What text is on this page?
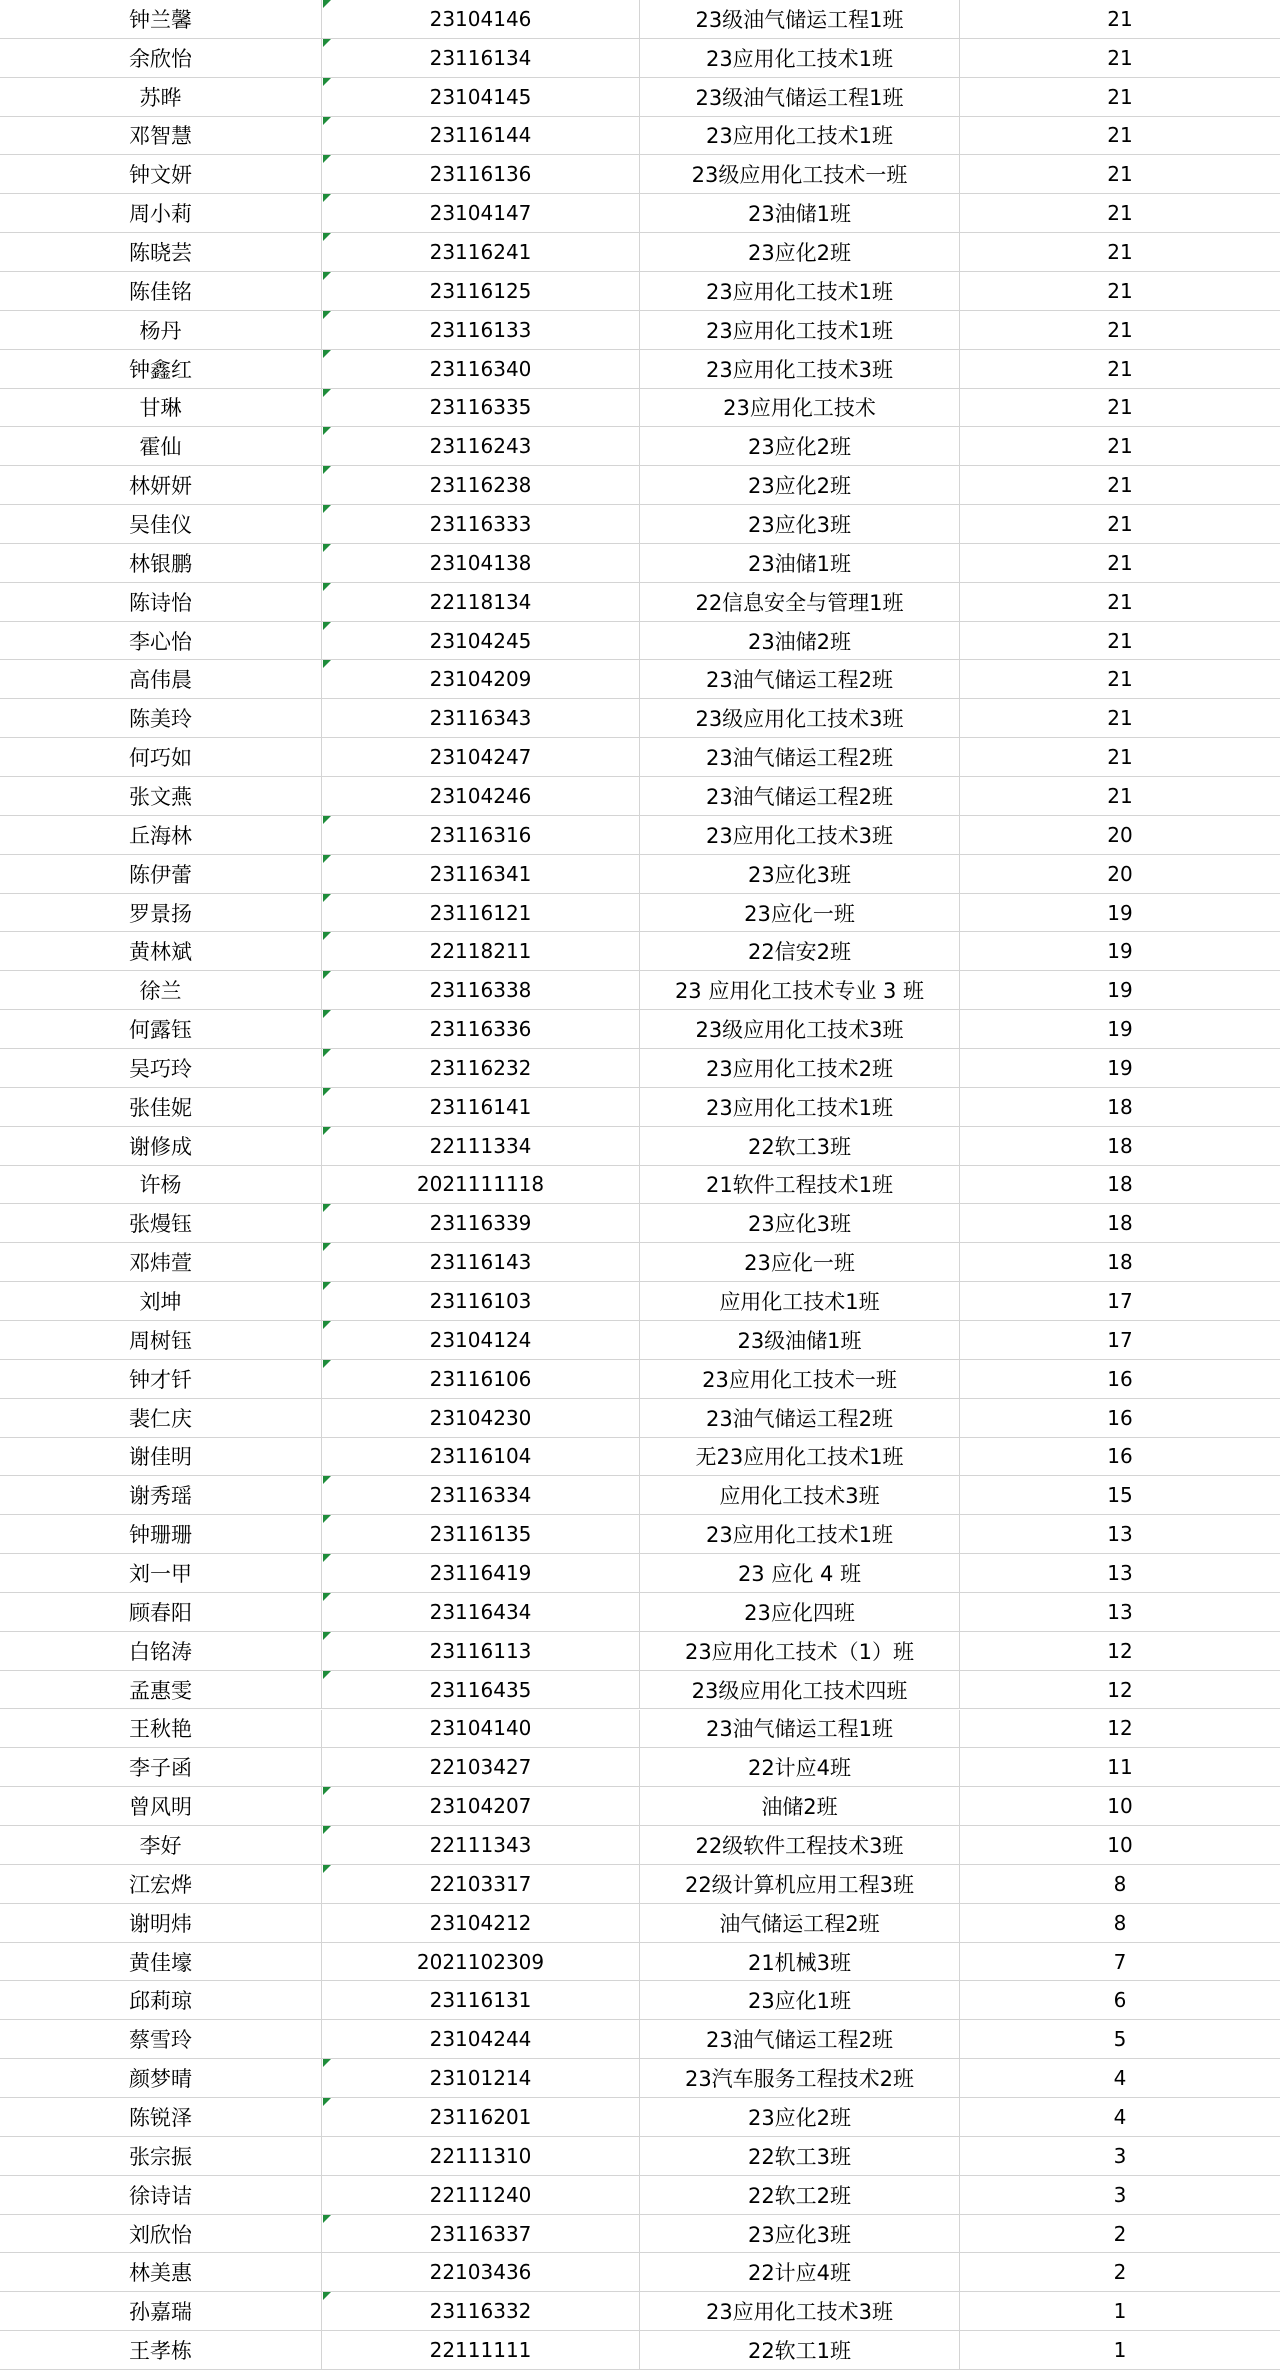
钟兰馨	23104146	23级油气储运工程1班	21
余欣怡	23116134	23应用化工技术1班	21
苏晔	23104145	23级油气储运工程1班	21
邓智慧	23116144	23应用化工技术1班	21
钟文妍	23116136	23级应用化工技术一班	21
周小莉	23104147	23油储1班	21
陈晓芸	23116241	23应化2班	21
陈佳铭	23116125	23应用化工技术1班	21
杨丹	23116133	23应用化工技术1班	21
钟鑫红	23116340	23应用化工技术3班	21
甘琳	23116335	23应用化工技术	21
霍仙	23116243	23应化2班	21
林妍妍	23116238	23应化2班	21
吴佳仪	23116333	23应化3班	21
林银鹏	23104138	23油储1班	21
陈诗怡	22118134	22信息安全与管理1班	21
李心怡	23104245	23油储2班	21
高伟晨	23104209	23油气储运工程2班	21
陈美玲	23116343	23级应用化工技术3班	21
何巧如	23104247	23油气储运工程2班	21
张文燕	23104246	23油气储运工程2班	21
丘海林	23116316	23应用化工技术3班	20
陈伊蕾	23116341	23应化3班	20
罗景扬	23116121	23应化一班	19
黄林斌	22118211	22信安2班	19
徐兰	23116338	23 应用化工技术专业 3 班	19
何露钰	23116336	23级应用化工技术3班	19
吴巧玲	23116232	23应用化工技术2班	19
张佳妮	23116141	23应用化工技术1班	18
谢修成	22111334	22软工3班	18
许杨	2021111118	21软件工程技术1班	18
张熳钰	23116339	23应化3班	18
邓炜萱	23116143	23应化一班	18
刘坤	23116103	应用化工技术1班	17
周树钰	23104124	23级油储1班	17
钟才钎	23116106	23应用化工技术一班	16
裴仁庆	23104230	23油气储运工程2班	16
谢佳明	23116104	无23应用化工技术1班	16
谢秀瑶	23116334	应用化工技术3班	15
钟珊珊	23116135	23应用化工技术1班	13
刘一甲	23116419	23 应化 4 班	13
顾春阳	23116434	23应化四班	13
白铭涛	23116113	23应用化工技术（1）班	12
孟惠雯	23116435	23级应用化工技术四班	12
王秋艳	23104140	23油气储运工程1班	12
李子函	22103427	22计应4班	11
曾风明	23104207	油储2班	10
李好	22111343	22级软件工程技术3班	10
江宏烨	22103317	22级计算机应用工程3班	8
谢明炜	23104212	油气储运工程2班	8
黄佳壕	2021102309	21机械3班	7
邱莉琼	23116131	23应化1班	6
蔡雪玲	23104244	23油气储运工程2班	5
颜梦晴	23101214	23汽车服务工程技术2班	4
陈锐泽	23116201	23应化2班	4
张宗振	22111310	22软工3班	3
徐诗诘	22111240	22软工2班	3
刘欣怡	23116337	23应化3班	2
林美惠	22103436	22计应4班	2
孙嘉瑞	23116332	23应用化工技术3班	1
王孝栋	22111111	22软工1班	1
